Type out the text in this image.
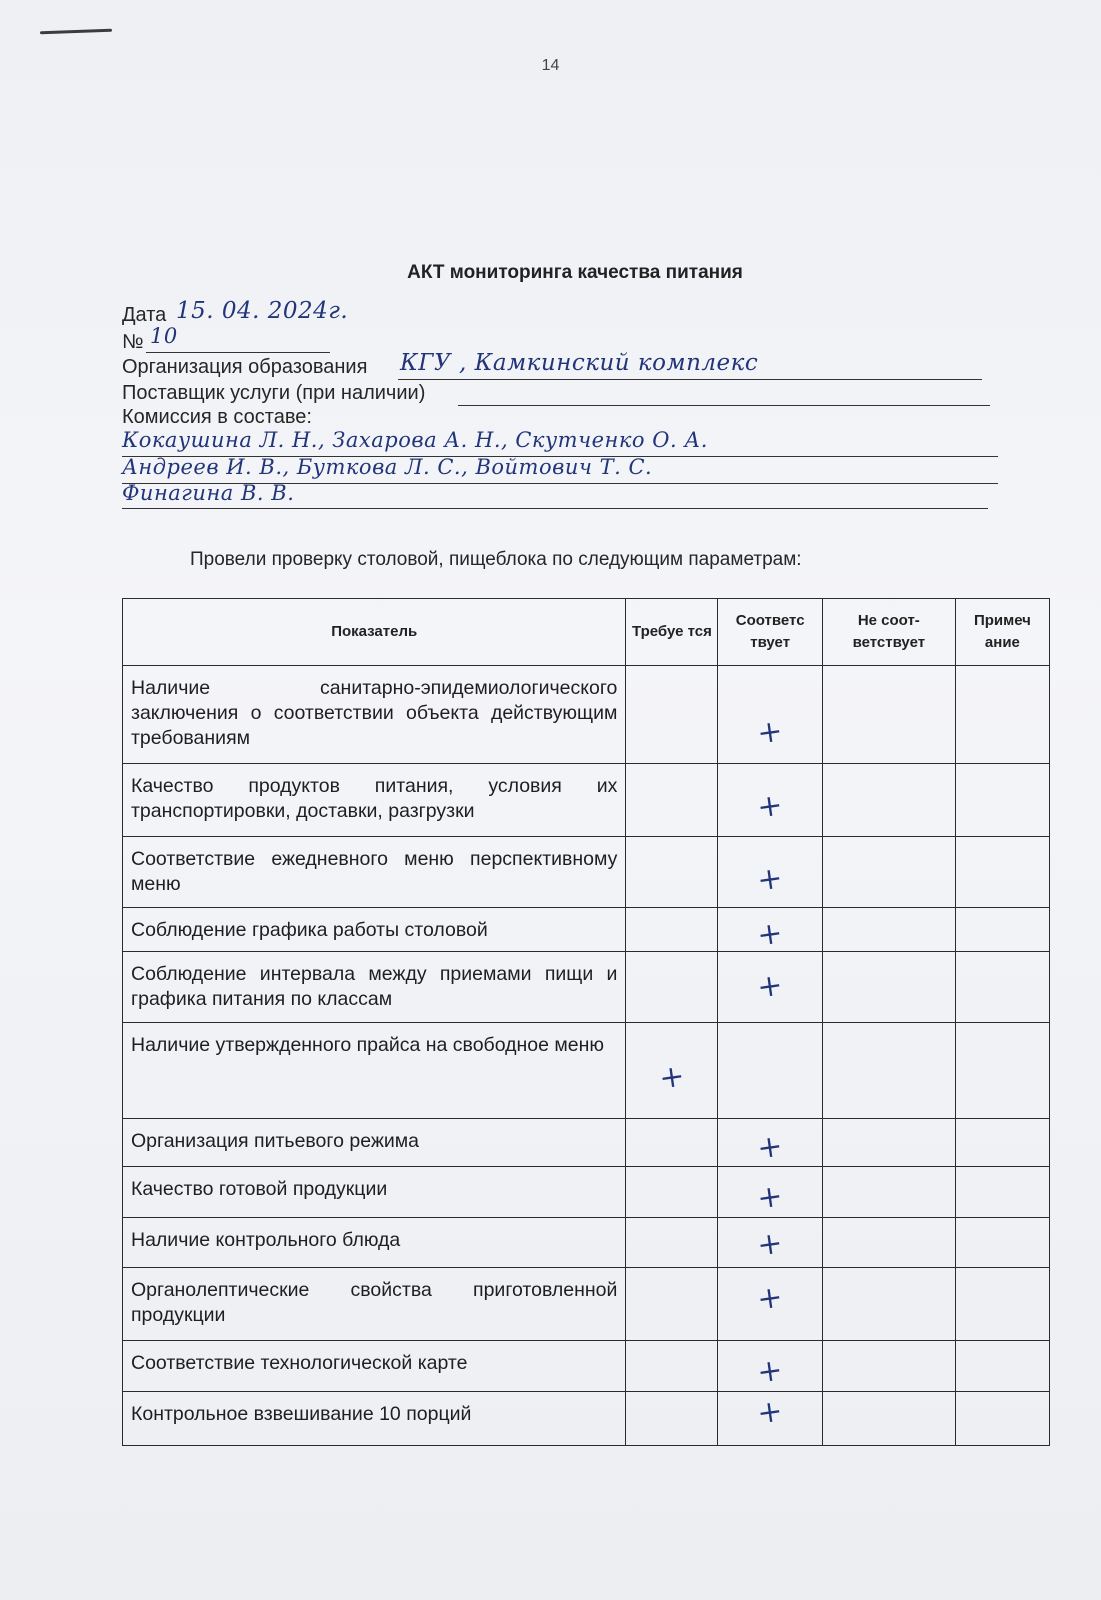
14
АКТ мониторинга качества питания
Дата 15. 04. 2024г.
№ 10
Организация образования КГУ , Камкинский комплекс
Поставщик услуги (при наличии)
Комиссия в составе:
Кокаушина Л. Н., Захарова А. Н., Скутченко О. А.
Андреев И. В., Буткова Л. С., Войтович Т. С.
Финагина В. В.
Провели проверку столовой, пищеблока по следующим параметрам:
Показатель	Требуе тся	Соответс твует	Не соот-ветствует	Примеч ание
Наличие санитарно-эпидемиологического заключения о соответствии объекта действующим требованиям		+		

Качество продуктов питания, условия их транспортировки, доставки, разгрузки		+		

Соответствие ежедневного меню перспективному меню		+		

Соблюдение графика работы столовой		+		

Соблюдение интервала между приемами пищи и графика питания по классам		+		

Наличие утвержденного прайса на свободное меню	+			

Организация питьевого режима		+		

Качество готовой продукции		+		

Наличие контрольного блюда		+		

Органолептические свойства приготовленной продукции		+		

Соответствие технологической карте		+		

Контрольное взвешивание 10 порций		+		
